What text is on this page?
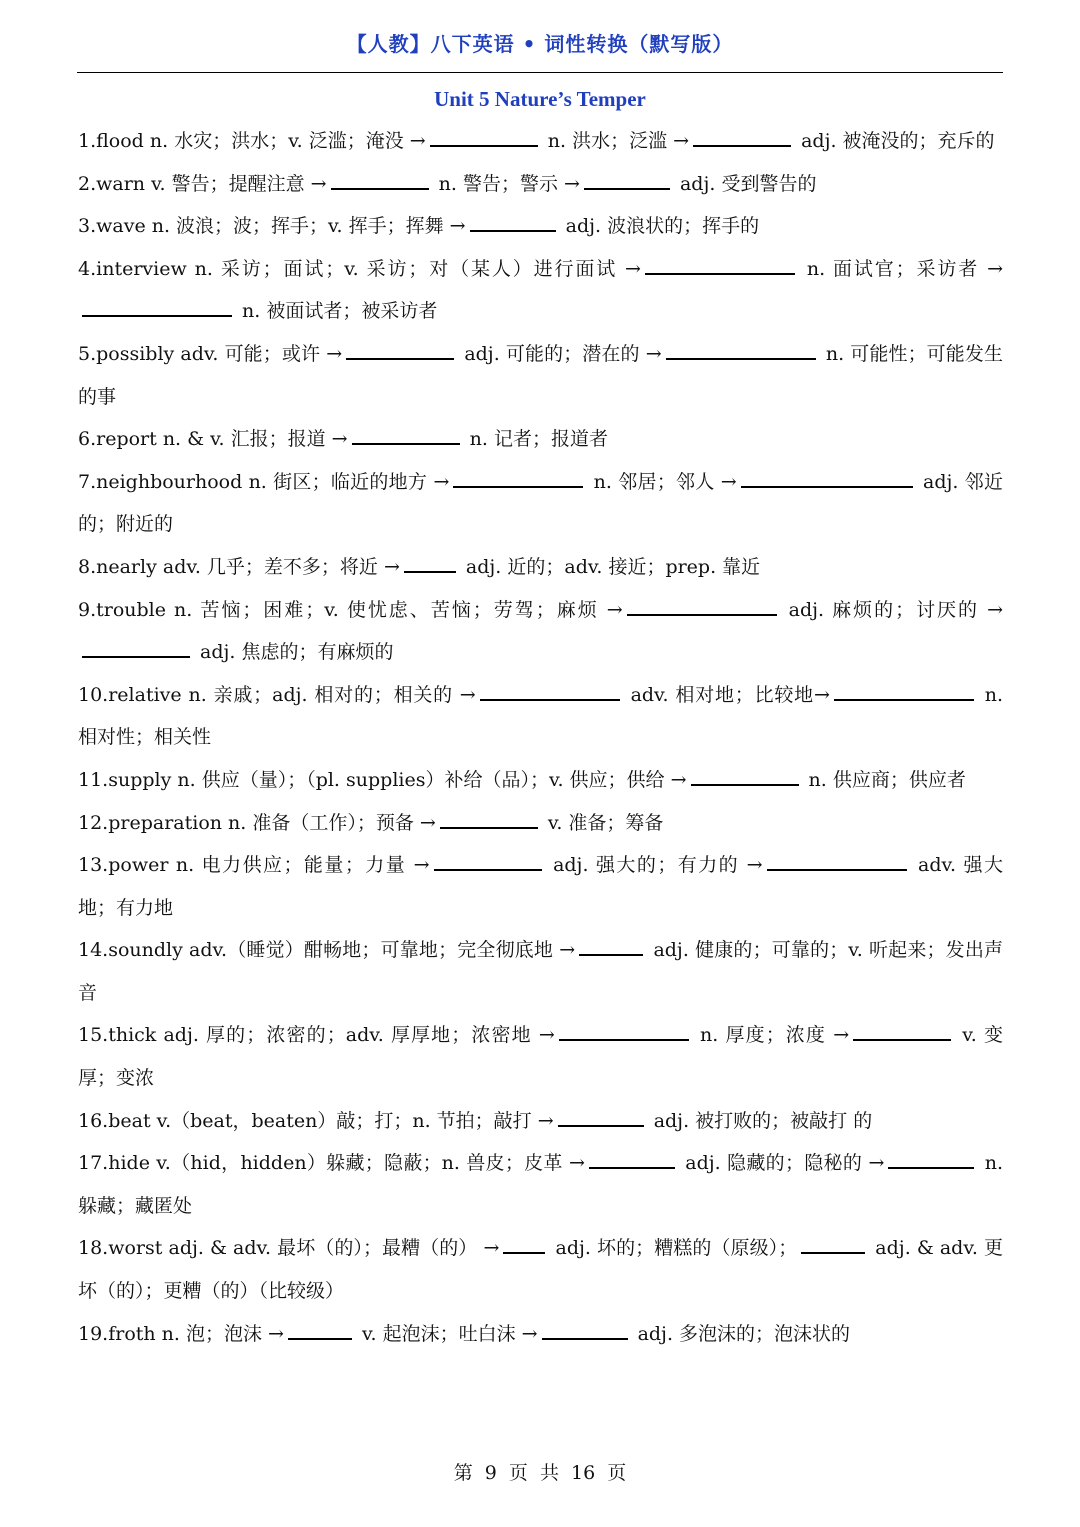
【人教】八下英语 • 词性转换（默写版）
Unit 5 Nature’s Temper

1.flood n. 水灾；洪水；v. 泛滥；淹没 →	n. 洪水；泛滥 →	adj. 被淹没的；充斥的

2.warn v. 警告；提醒注意 →	n. 警告；警示 →	adj. 受到警告的

3.wave n. 波浪；波；挥手；v. 挥手；挥舞 →	adj. 波浪状的；挥手的

4.interview n. 采访；面试；v. 采访；对（某人）进行面试 →	n. 面试官；采访者 → n. 被面试者；被采访者

5.possibly adv. 可能；或许 →	adj. 可能的；潜在的 →	n. 可能性；可能发生的事

6.report n. & v. 汇报；报道 →	n. 记者；报道者

7.neighbourhood n. 街区；临近的地方 →	n. 邻居；邻人 →	adj. 邻近的；附近的

8.nearly adv. 几乎；差不多；将近 →	adj. 近的；adv. 接近；prep. 靠近

9.trouble n. 苦恼；困难；v. 使忧虑、苦恼；劳驾；麻烦 →	adj. 麻烦的；讨厌的 → adj. 焦虑的；有麻烦的

10.relative n. 亲戚；adj. 相对的；相关的 →	adv. 相对地；比较地→	n. 相对性；相关性

11.supply n. 供应（量）；（pl. supplies）补给（品）；v. 供应；供给 →	n. 供应商；供应者

12.preparation n. 准备（工作）；预备 →	v. 准备；筹备

13.power n. 电力供应；能量；力量 →	adj. 强大的；有力的 →	adv. 强大地；有力地

14.soundly adv.（睡觉）酣畅地；可靠地；完全彻底地 →	adj. 健康的；可靠的；v. 听起来；发出声音

15.thick adj. 厚的；浓密的；adv. 厚厚地；浓密地 →	n. 厚度；浓度 →	v. 变厚；变浓

16.beat v.（beat，beaten）敲；打；n. 节拍；敲打 →	adj. 被打败的；被敲打 的

17.hide v.（hid，hidden）躲藏；隐蔽；n. 兽皮；皮革 →	adj. 隐藏的；隐秘的 →	n. 躲藏；藏匿处

18.worst adj. & adv. 最坏（的）；最糟（的） →	adj. 坏的；糟糕的（原级）；	adj. & adv. 更坏（的）；更糟（的）（比较级）

19.froth n. 泡；泡沫 →	v. 起泡沫；吐白沫 →	adj. 多泡沫的；泡沫状的

第 9 页 共 16 页
